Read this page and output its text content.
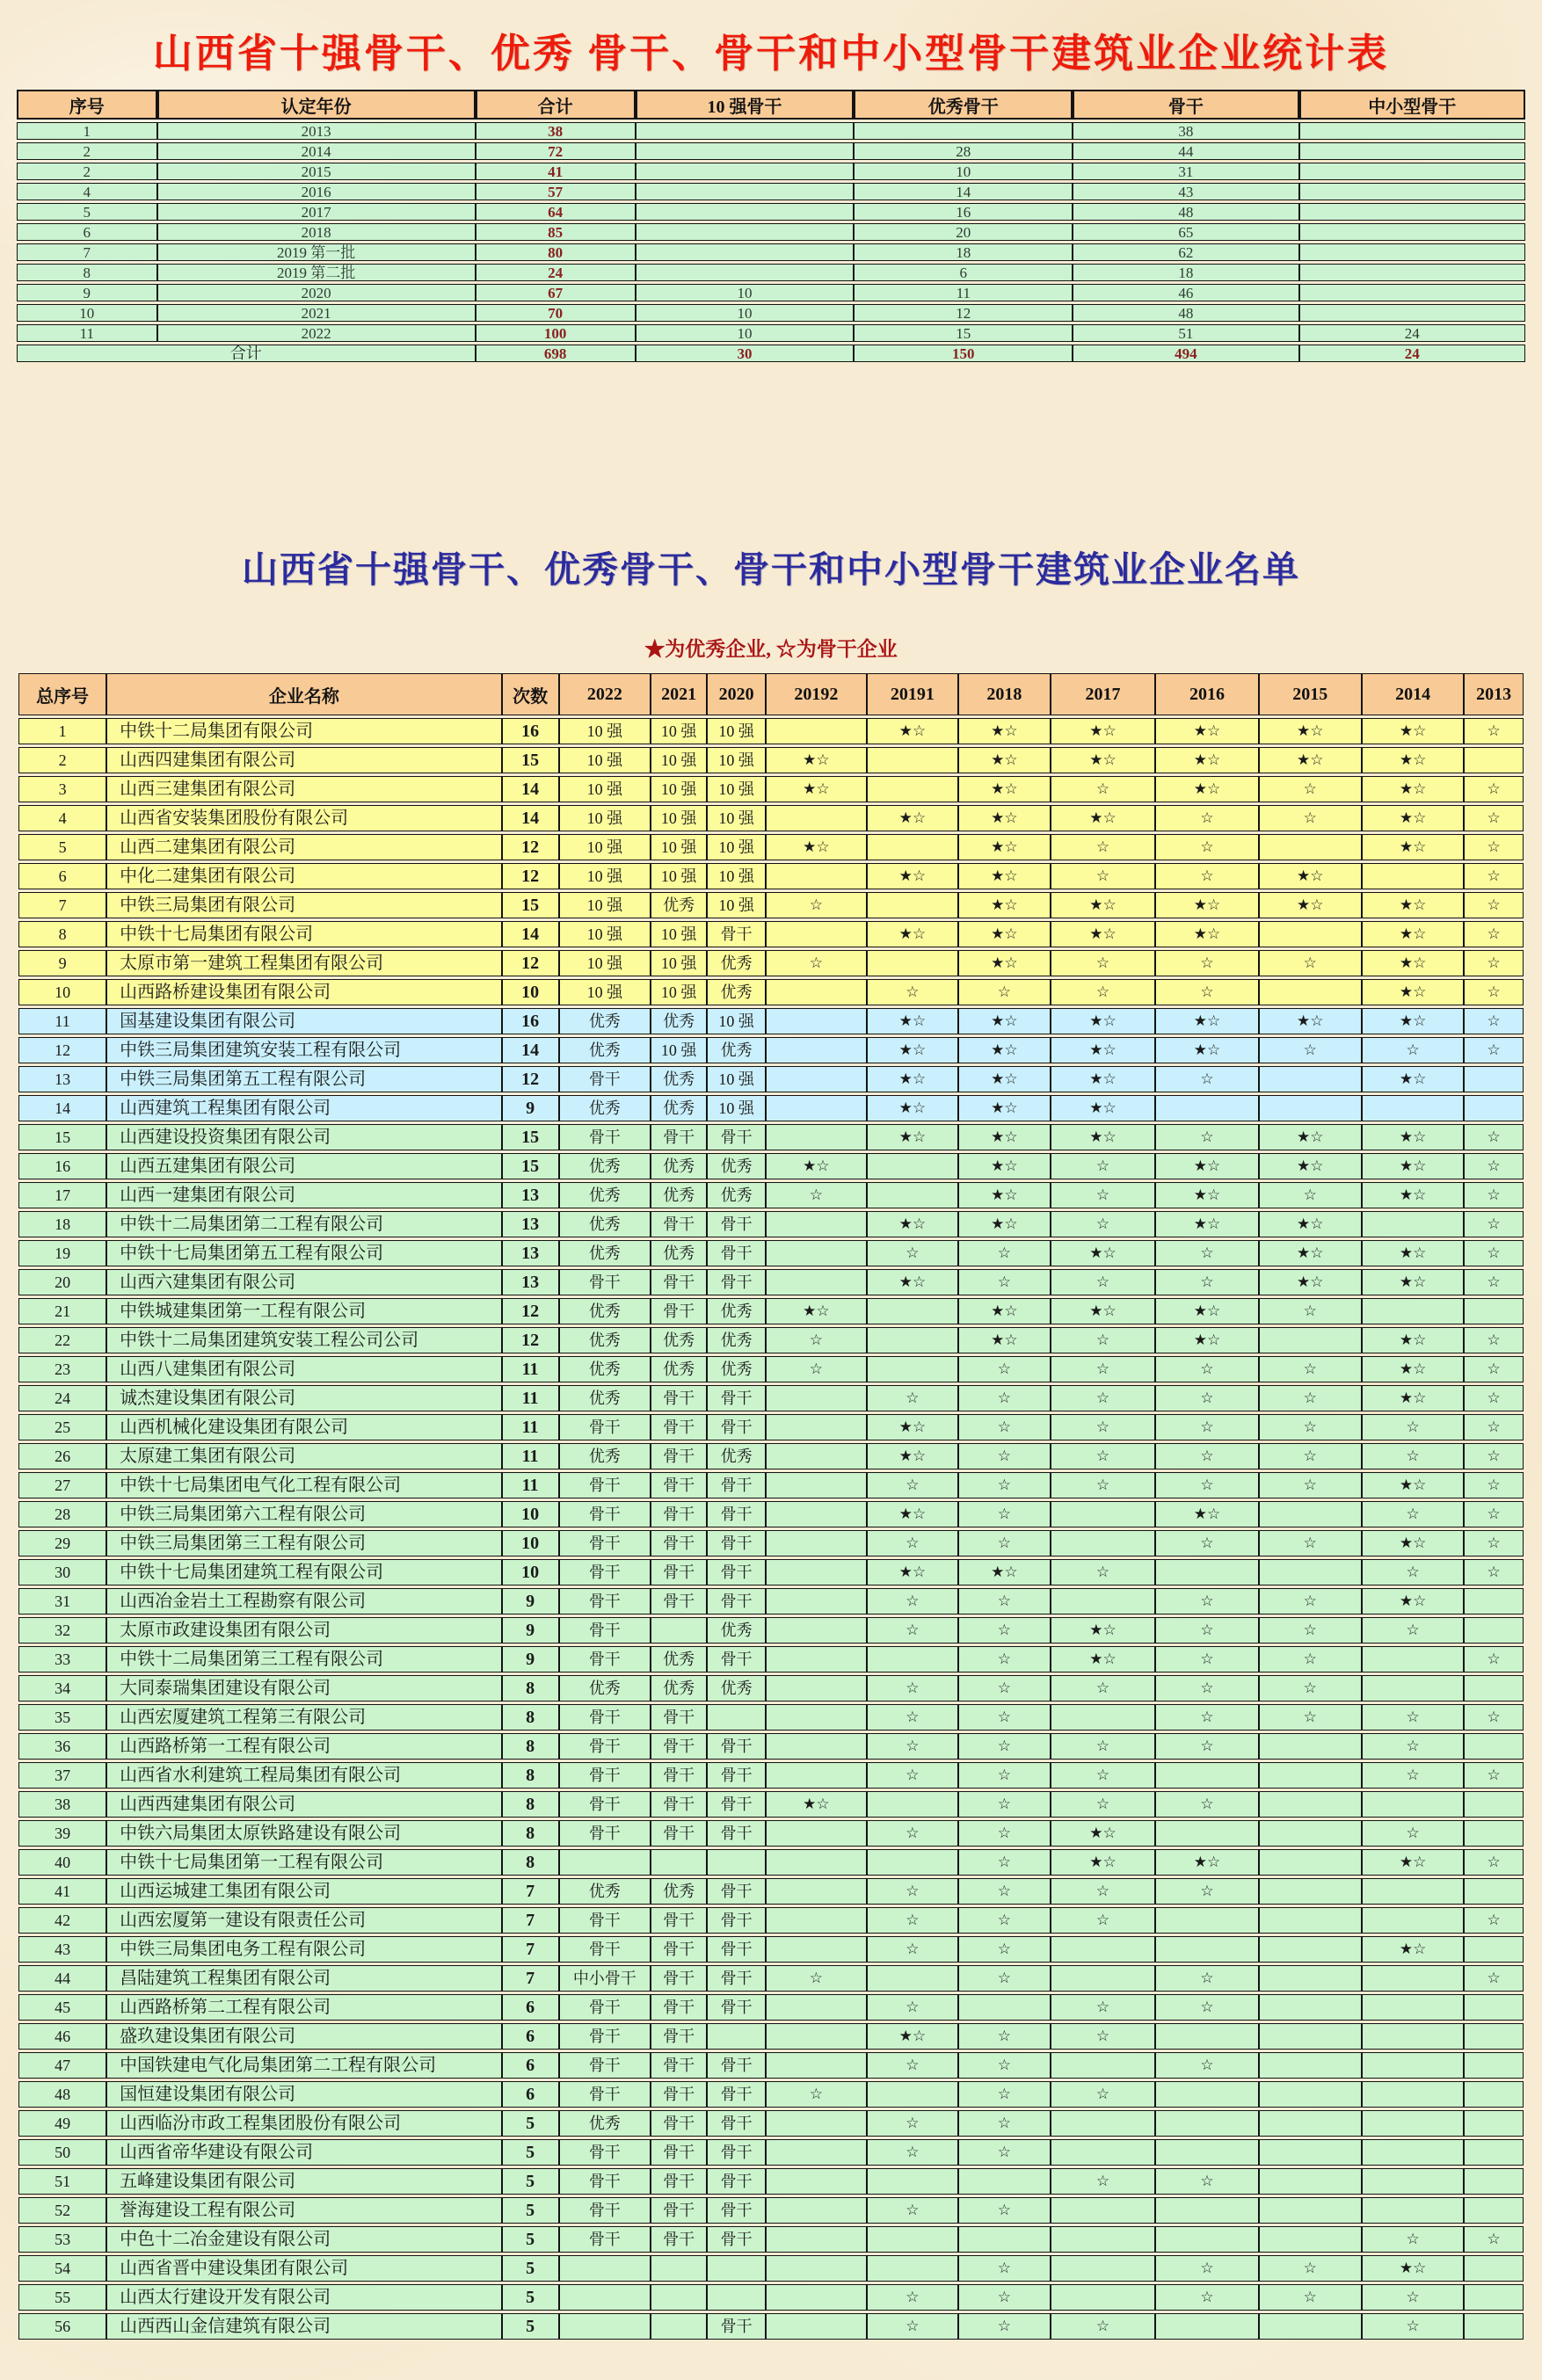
山西省十强骨干、优秀 骨干、骨干和中小型骨干建筑业企业统计表
序号	认定年份	合计	10 强骨干	优秀骨干	骨干	中小型骨干
1	2013	38			38	
2	2014	72		28	44	
2	2015	41		10	31	
4	2016	57		14	43	
5	2017	64		16	48	
6	2018	85		20	65	
7	2019 第一批	80		18	62	
8	2019 第二批	24		6	18	
9	2020	67	10	11	46	
10	2021	70	10	12	48	
11	2022	100	10	15	51	24
合计		698	30	150	494	24
山西省十强骨干、优秀骨干、骨干和中小型骨干建筑业企业名单
★为优秀企业, ☆为骨干企业
总序号	企业名称	次数	2022	2021	2020	20192	20191	2018	2017	2016	2015	2014	2013
1	中铁十二局集团有限公司	16	10 强	10 强	10 强		★☆	★☆	★☆	★☆	★☆	★☆	☆
2	山西四建集团有限公司	15	10 强	10 强	10 强	★☆		★☆	★☆	★☆	★☆	★☆	
3	山西三建集团有限公司	14	10 强	10 强	10 强	★☆		★☆	☆	★☆	☆	★☆	☆
4	山西省安装集团股份有限公司	14	10 强	10 强	10 强		★☆	★☆	★☆	☆	☆	★☆	☆
5	山西二建集团有限公司	12	10 强	10 强	10 强	★☆		★☆	☆	☆		★☆	☆
6	中化二建集团有限公司	12	10 强	10 强	10 强		★☆	★☆	☆	☆	★☆		☆
7	中铁三局集团有限公司	15	10 强	优秀	10 强	☆		★☆	★☆	★☆	★☆	★☆	☆
8	中铁十七局集团有限公司	14	10 强	10 强	骨干		★☆	★☆	★☆	★☆		★☆	☆
9	太原市第一建筑工程集团有限公司	12	10 强	10 强	优秀	☆		★☆	☆	☆	☆	★☆	☆
10	山西路桥建设集团有限公司	10	10 强	10 强	优秀		☆	☆	☆	☆		★☆	☆
11	国基建设集团有限公司	16	优秀	优秀	10 强		★☆	★☆	★☆	★☆	★☆	★☆	☆
12	中铁三局集团建筑安装工程有限公司	14	优秀	10 强	优秀		★☆	★☆	★☆	★☆	☆	☆	☆
13	中铁三局集团第五工程有限公司	12	骨干	优秀	10 强		★☆	★☆	★☆	☆		★☆	
14	山西建筑工程集团有限公司	9	优秀	优秀	10 强		★☆	★☆	★☆				
15	山西建设投资集团有限公司	15	骨干	骨干	骨干		★☆	★☆	★☆	☆	★☆	★☆	☆
16	山西五建集团有限公司	15	优秀	优秀	优秀	★☆		★☆	☆	★☆	★☆	★☆	☆
17	山西一建集团有限公司	13	优秀	优秀	优秀	☆		★☆	☆	★☆	☆	★☆	☆
18	中铁十二局集团第二工程有限公司	13	优秀	骨干	骨干		★☆	★☆	☆	★☆	★☆		☆
19	中铁十七局集团第五工程有限公司	13	优秀	优秀	骨干		☆	☆	★☆	☆	★☆	★☆	☆
20	山西六建集团有限公司	13	骨干	骨干	骨干		★☆	☆	☆	☆	★☆	★☆	☆
21	中铁城建集团第一工程有限公司	12	优秀	骨干	优秀	★☆		★☆	★☆	★☆	☆		
22	中铁十二局集团建筑安装工程公司公司	12	优秀	优秀	优秀	☆		★☆	☆	★☆		★☆	☆
23	山西八建集团有限公司	11	优秀	优秀	优秀	☆		☆	☆	☆	☆	★☆	☆
24	诚杰建设集团有限公司	11	优秀	骨干	骨干		☆	☆	☆	☆	☆	★☆	☆
25	山西机械化建设集团有限公司	11	骨干	骨干	骨干		★☆	☆	☆	☆	☆	☆	☆
26	太原建工集团有限公司	11	优秀	骨干	优秀		★☆	☆	☆	☆	☆	☆	☆
27	中铁十七局集团电气化工程有限公司	11	骨干	骨干	骨干		☆	☆	☆	☆	☆	★☆	☆
28	中铁三局集团第六工程有限公司	10	骨干	骨干	骨干		★☆	☆		★☆		☆	☆
29	中铁三局集团第三工程有限公司	10	骨干	骨干	骨干		☆	☆		☆	☆	★☆	☆
30	中铁十七局集团建筑工程有限公司	10	骨干	骨干	骨干		★☆	★☆	☆			☆	☆
31	山西冶金岩土工程勘察有限公司	9	骨干	骨干	骨干		☆	☆		☆	☆	★☆	
32	太原市政建设集团有限公司	9	骨干		优秀		☆	☆	★☆	☆	☆	☆	
33	中铁十二局集团第三工程有限公司	9	骨干	优秀	骨干			☆	★☆	☆	☆		☆
34	大同泰瑞集团建设有限公司	8	优秀	优秀	优秀		☆	☆	☆	☆	☆		
35	山西宏厦建筑工程第三有限公司	8	骨干	骨干			☆	☆		☆	☆	☆	☆
36	山西路桥第一工程有限公司	8	骨干	骨干	骨干		☆	☆	☆	☆		☆	
37	山西省水利建筑工程局集团有限公司	8	骨干	骨干	骨干		☆	☆	☆			☆	☆
38	山西西建集团有限公司	8	骨干	骨干	骨干	★☆		☆	☆	☆			
39	中铁六局集团太原铁路建设有限公司	8	骨干	骨干	骨干		☆	☆	★☆			☆	
40	中铁十七局集团第一工程有限公司	8						☆	★☆	★☆		★☆	☆
41	山西运城建工集团有限公司	7	优秀	优秀	骨干		☆	☆	☆	☆			
42	山西宏厦第一建设有限责任公司	7	骨干	骨干	骨干		☆	☆	☆				☆
43	中铁三局集团电务工程有限公司	7	骨干	骨干	骨干		☆	☆				★☆	
44	昌陆建筑工程集团有限公司	7	中小骨干	骨干	骨干	☆		☆		☆			☆
45	山西路桥第二工程有限公司	6	骨干	骨干	骨干		☆		☆	☆			
46	盛玖建设集团有限公司	6	骨干	骨干			★☆	☆	☆				
47	中国铁建电气化局集团第二工程有限公司	6	骨干	骨干	骨干		☆	☆		☆			
48	国恒建设集团有限公司	6	骨干	骨干	骨干	☆		☆	☆				
49	山西临汾市政工程集团股份有限公司	5	优秀	骨干	骨干		☆	☆					
50	山西省帝华建设有限公司	5	骨干	骨干	骨干		☆	☆					
51	五峰建设集团有限公司	5	骨干	骨干	骨干				☆	☆			
52	誉海建设工程有限公司	5	骨干	骨干	骨干		☆	☆					
53	中色十二冶金建设有限公司	5	骨干	骨干	骨干							☆	☆
54	山西省晋中建设集团有限公司	5						☆		☆	☆	★☆	
55	山西太行建设开发有限公司	5					☆	☆		☆	☆	☆	
56	山西西山金信建筑有限公司	5			骨干		☆	☆	☆			☆	
